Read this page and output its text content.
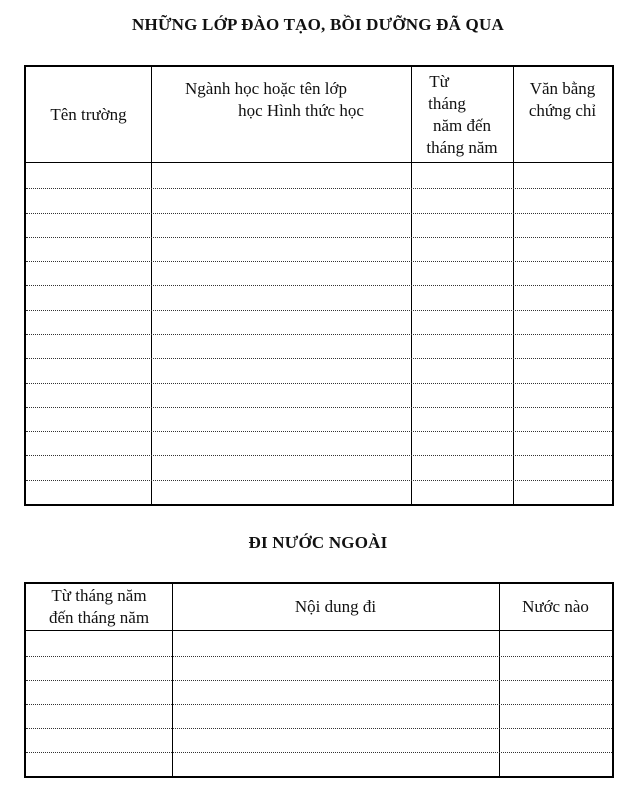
NHỮNG LỚP ĐÀO TẠO, BỒI DƯỠNG ĐÃ QUA
Tên trường
Ngành học hoặc tên lớp
học Hình thức học
Từ
tháng
năm đến
tháng năm
Văn bằng
chứng chỉ
ĐI NƯỚC NGOÀI
Từ tháng năm
đến tháng năm
Nội dung đi	Nước nào
